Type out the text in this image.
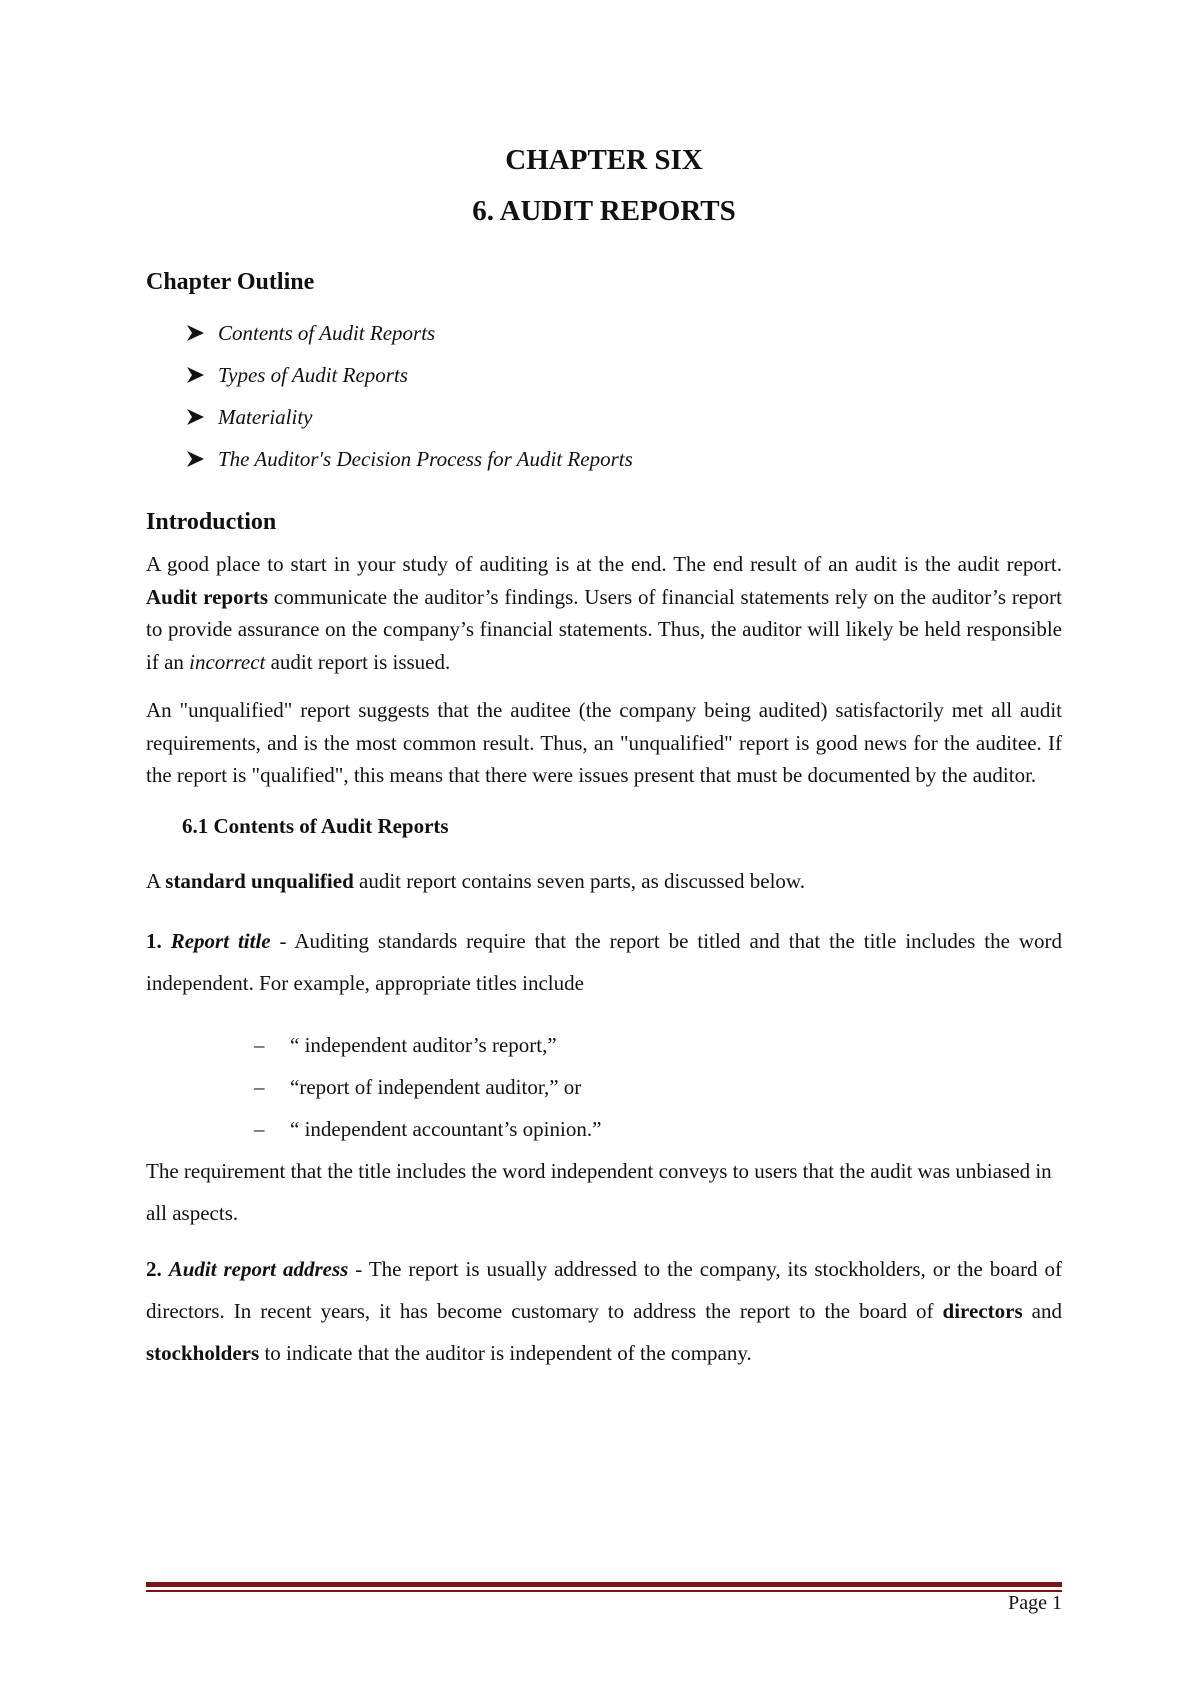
CHAPTER SIX
6. AUDIT REPORTS
Chapter Outline
Contents of Audit Reports
Types of Audit Reports
Materiality
The Auditor's Decision Process for Audit Reports
Introduction

A good place to start in your study of auditing is at the end. The end result of an audit is the audit report. Audit reports communicate the auditor’s findings. Users of financial statements rely on the auditor’s report to provide assurance on the company’s financial statements. Thus, the auditor will likely be held responsible if an incorrect audit report is issued.

An "unqualified" report suggests that the auditee (the company being audited) satisfactorily met all audit requirements, and is the most common result. Thus, an "unqualified" report is good news for the auditee. If the report is "qualified", this means that there were issues present that must be documented by the auditor.

6.1 Contents of Audit Reports

A standard unqualified audit report contains seven parts, as discussed below.

1. Report title - Auditing standards require that the report be titled and that the title includes the word independent. For example, appropriate titles include

–	“ independent auditor’s report,”
–	“report of independent auditor,” or
–	“ independent accountant’s opinion.”

The requirement that the title includes the word independent conveys to users that the audit was unbiased in all aspects.

2. Audit report address - The report is usually addressed to the company, its stockholders, or the board of directors. In recent years, it has become customary to address the report to the board of directors and stockholders to indicate that the auditor is independent of the company.

Page 1
